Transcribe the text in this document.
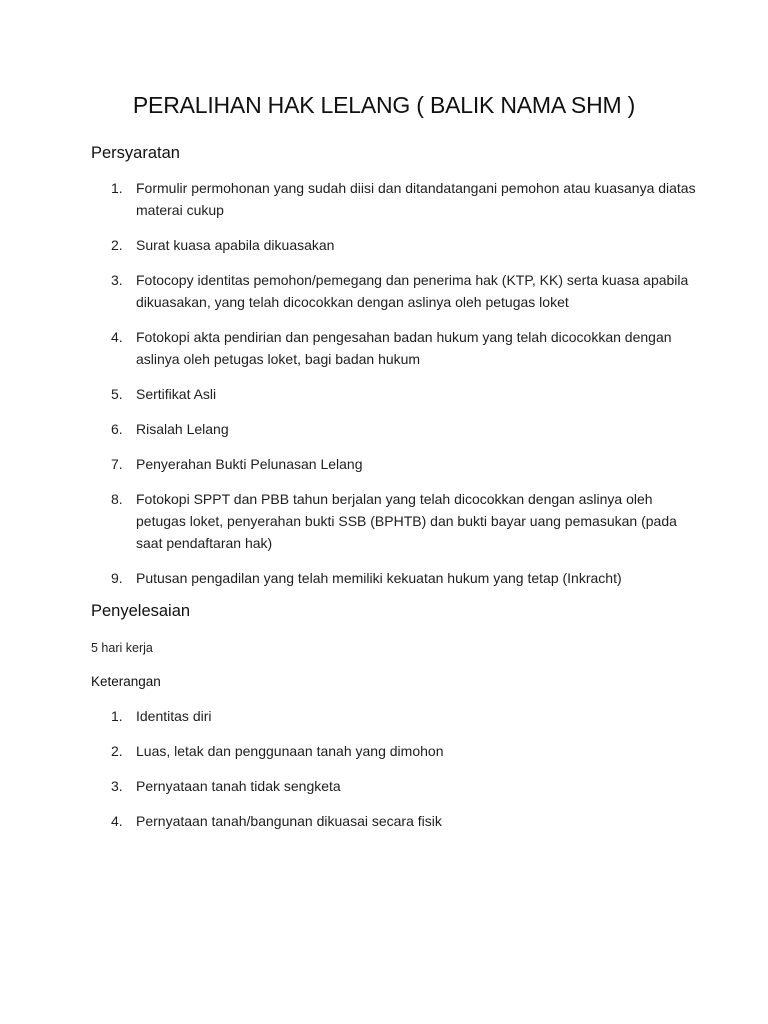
PERALIHAN HAK LELANG ( BALIK NAMA SHM )
Persyaratan
1. Formulir permohonan yang sudah diisi dan ditandatangani pemohon atau kuasanya diatas materai cukup
2. Surat kuasa apabila dikuasakan
3. Fotocopy identitas pemohon/pemegang dan penerima hak (KTP, KK) serta kuasa apabila dikuasakan, yang telah dicocokkan dengan aslinya oleh petugas loket
4. Fotokopi akta pendirian dan pengesahan badan hukum yang telah dicocokkan dengan aslinya oleh petugas loket, bagi badan hukum
5. Sertifikat Asli
6. Risalah Lelang
7. Penyerahan Bukti Pelunasan Lelang
8. Fotokopi SPPT dan PBB tahun berjalan yang telah dicocokkan dengan aslinya oleh petugas loket, penyerahan bukti SSB (BPHTB) dan bukti bayar uang pemasukan (pada saat pendaftaran hak)
9. Putusan pengadilan yang telah memiliki kekuatan hukum yang tetap (Inkracht)
Penyelesaian

5 hari kerja

Keterangan
1. Identitas diri
2. Luas, letak dan penggunaan tanah yang dimohon
3. Pernyataan tanah tidak sengketa
4. Pernyataan tanah/bangunan dikuasai secara fisik
